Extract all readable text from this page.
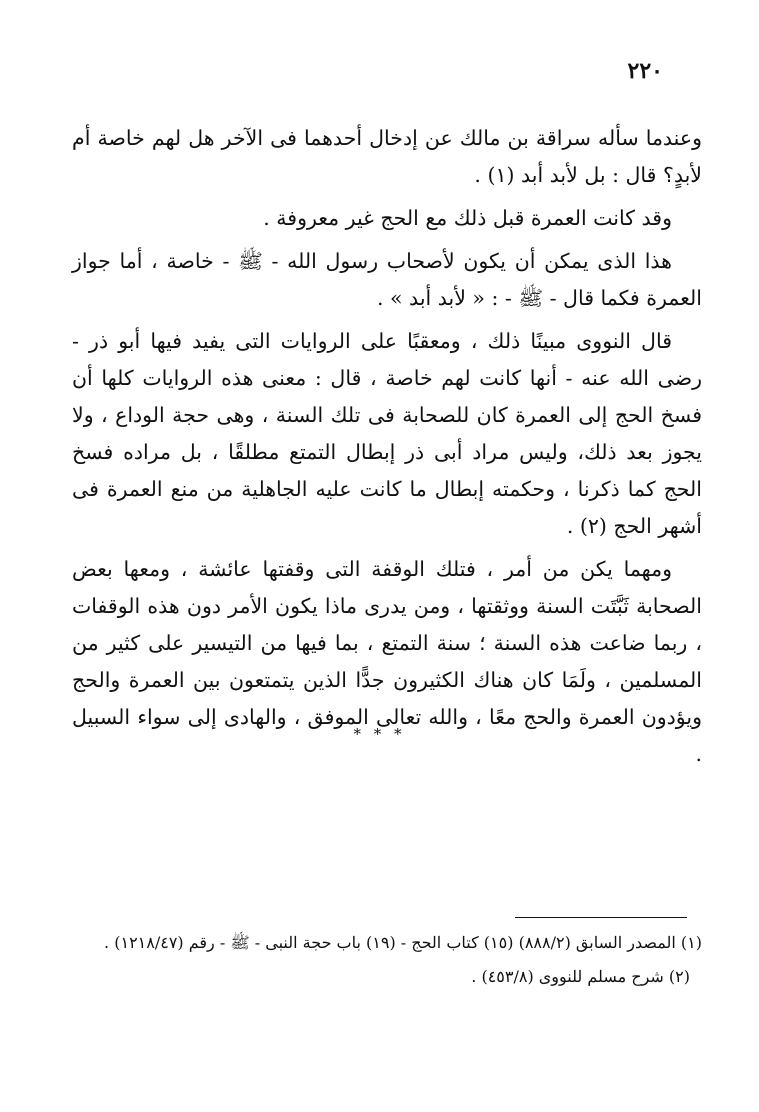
٢٢٠

وعندما سأله سراقة بن مالك عن إدخال أحدهما فى الآخر هل لهم خاصة أم لأبدٍ؟ قال : بل لأبد أبد (١) .

وقد كانت العمرة قبل ذلك مع الحج غير معروفة .

هذا الذى يمكن أن يكون لأصحاب رسول الله - ﷺ - خاصة ، أما جواز العمرة فكما قال - ﷺ - : « لأبد أبد » .

قال النووى مبينًا ذلك ، ومعقبًا على الروايات التى يفيد فيها أبو ذر - رضى الله عنه - أنها كانت لهم خاصة ، قال : معنى هذه الروايات كلها أن فسخ الحج إلى العمرة كان للصحابة فى تلك السنة ، وهى حجة الوداع ، ولا يجوز بعد ذلك، وليس مراد أبى ذر إبطال التمتع مطلقًا ، بل مراده فسخ الحج كما ذكرنا ، وحكمته إبطال ما كانت عليه الجاهلية من منع العمرة فى أشهر الحج (٢) .

ومهما يكن من أمر ، فتلك الوقفة التى وقفتها عائشة ، ومعها بعض الصحابة ثَبَّتَت السنة ووثقتها ، ومن يدرى ماذا يكون الأمر دون هذه الوقفات ، ربما ضاعت هذه السنة ؛ سنة التمتع ، بما فيها من التيسير على كثير من المسلمين ، ولَمَا كان هناك الكثيرون جدًّا الذين يتمتعون بين العمرة والحج ويؤدون العمرة والحج معًا ، والله تعالى الموفق ، والهادى إلى سواء السبيل .

* * *

(١) المصدر السابق (٨٨٨/٢) (١٥) كتاب الحج - (١٩) باب حجة النبى - ﷺ - رقم (١٢١٨/٤٧) .

(٢) شرح مسلم للنووى (٤٥٣/٨) .
